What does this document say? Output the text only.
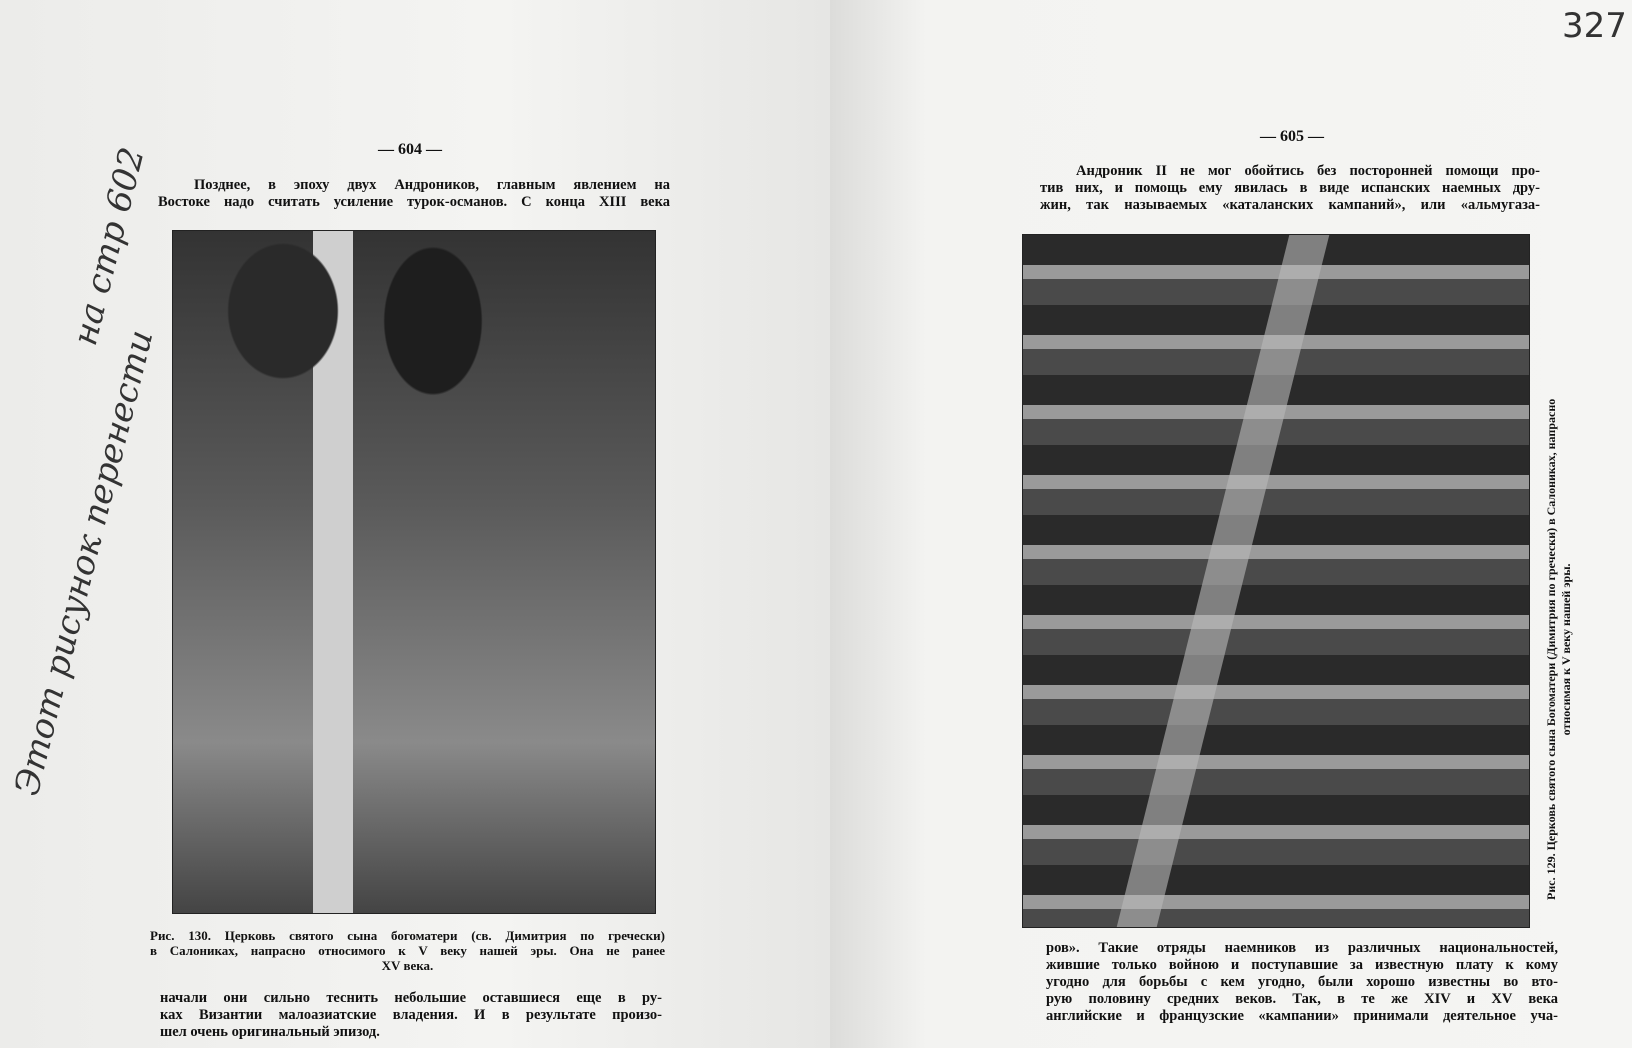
Этот рисунок перенести
на стр 602	— 604 —
Позднее, в эпоху двух Андроников, главным явлением на
Востоке надо считать усиление турок-османов. С конца XIII века
Рис. 130. Церковь святого сына богоматери (св. Димитрия по гречески)
в Салониках, напрасно относимого к V веку нашей эры. Она не ранее
XV века.
начали они сильно теснить небольшие оставшиеся еще в ру-
ках Византии малоазиатские владения. И в результате произо-
шел очень оригинальный эпизод.
327
— 605 —
Андроник II не мог обойтись без посторонней помощи про-
тив них, и помощь ему явилась в виде испанских наемных дру-
жин, так называемых «каталанских кампаний», или «альмугаза-
Рис. 129. Церковь святого сына Богоматери (Димитрия по гречески) в Салониках, напрасно относимая к V веку нашей эры.
ров». Такие отряды наемников из различных национальностей,
жившие только войною и поступавшие за известную плату к кому
угодно для борьбы с кем угодно, были хорошо известны во вто-
рую половину средних веков. Так, в те же XIV и XV века
английские и французские «кампании» принимали деятельное уча-
